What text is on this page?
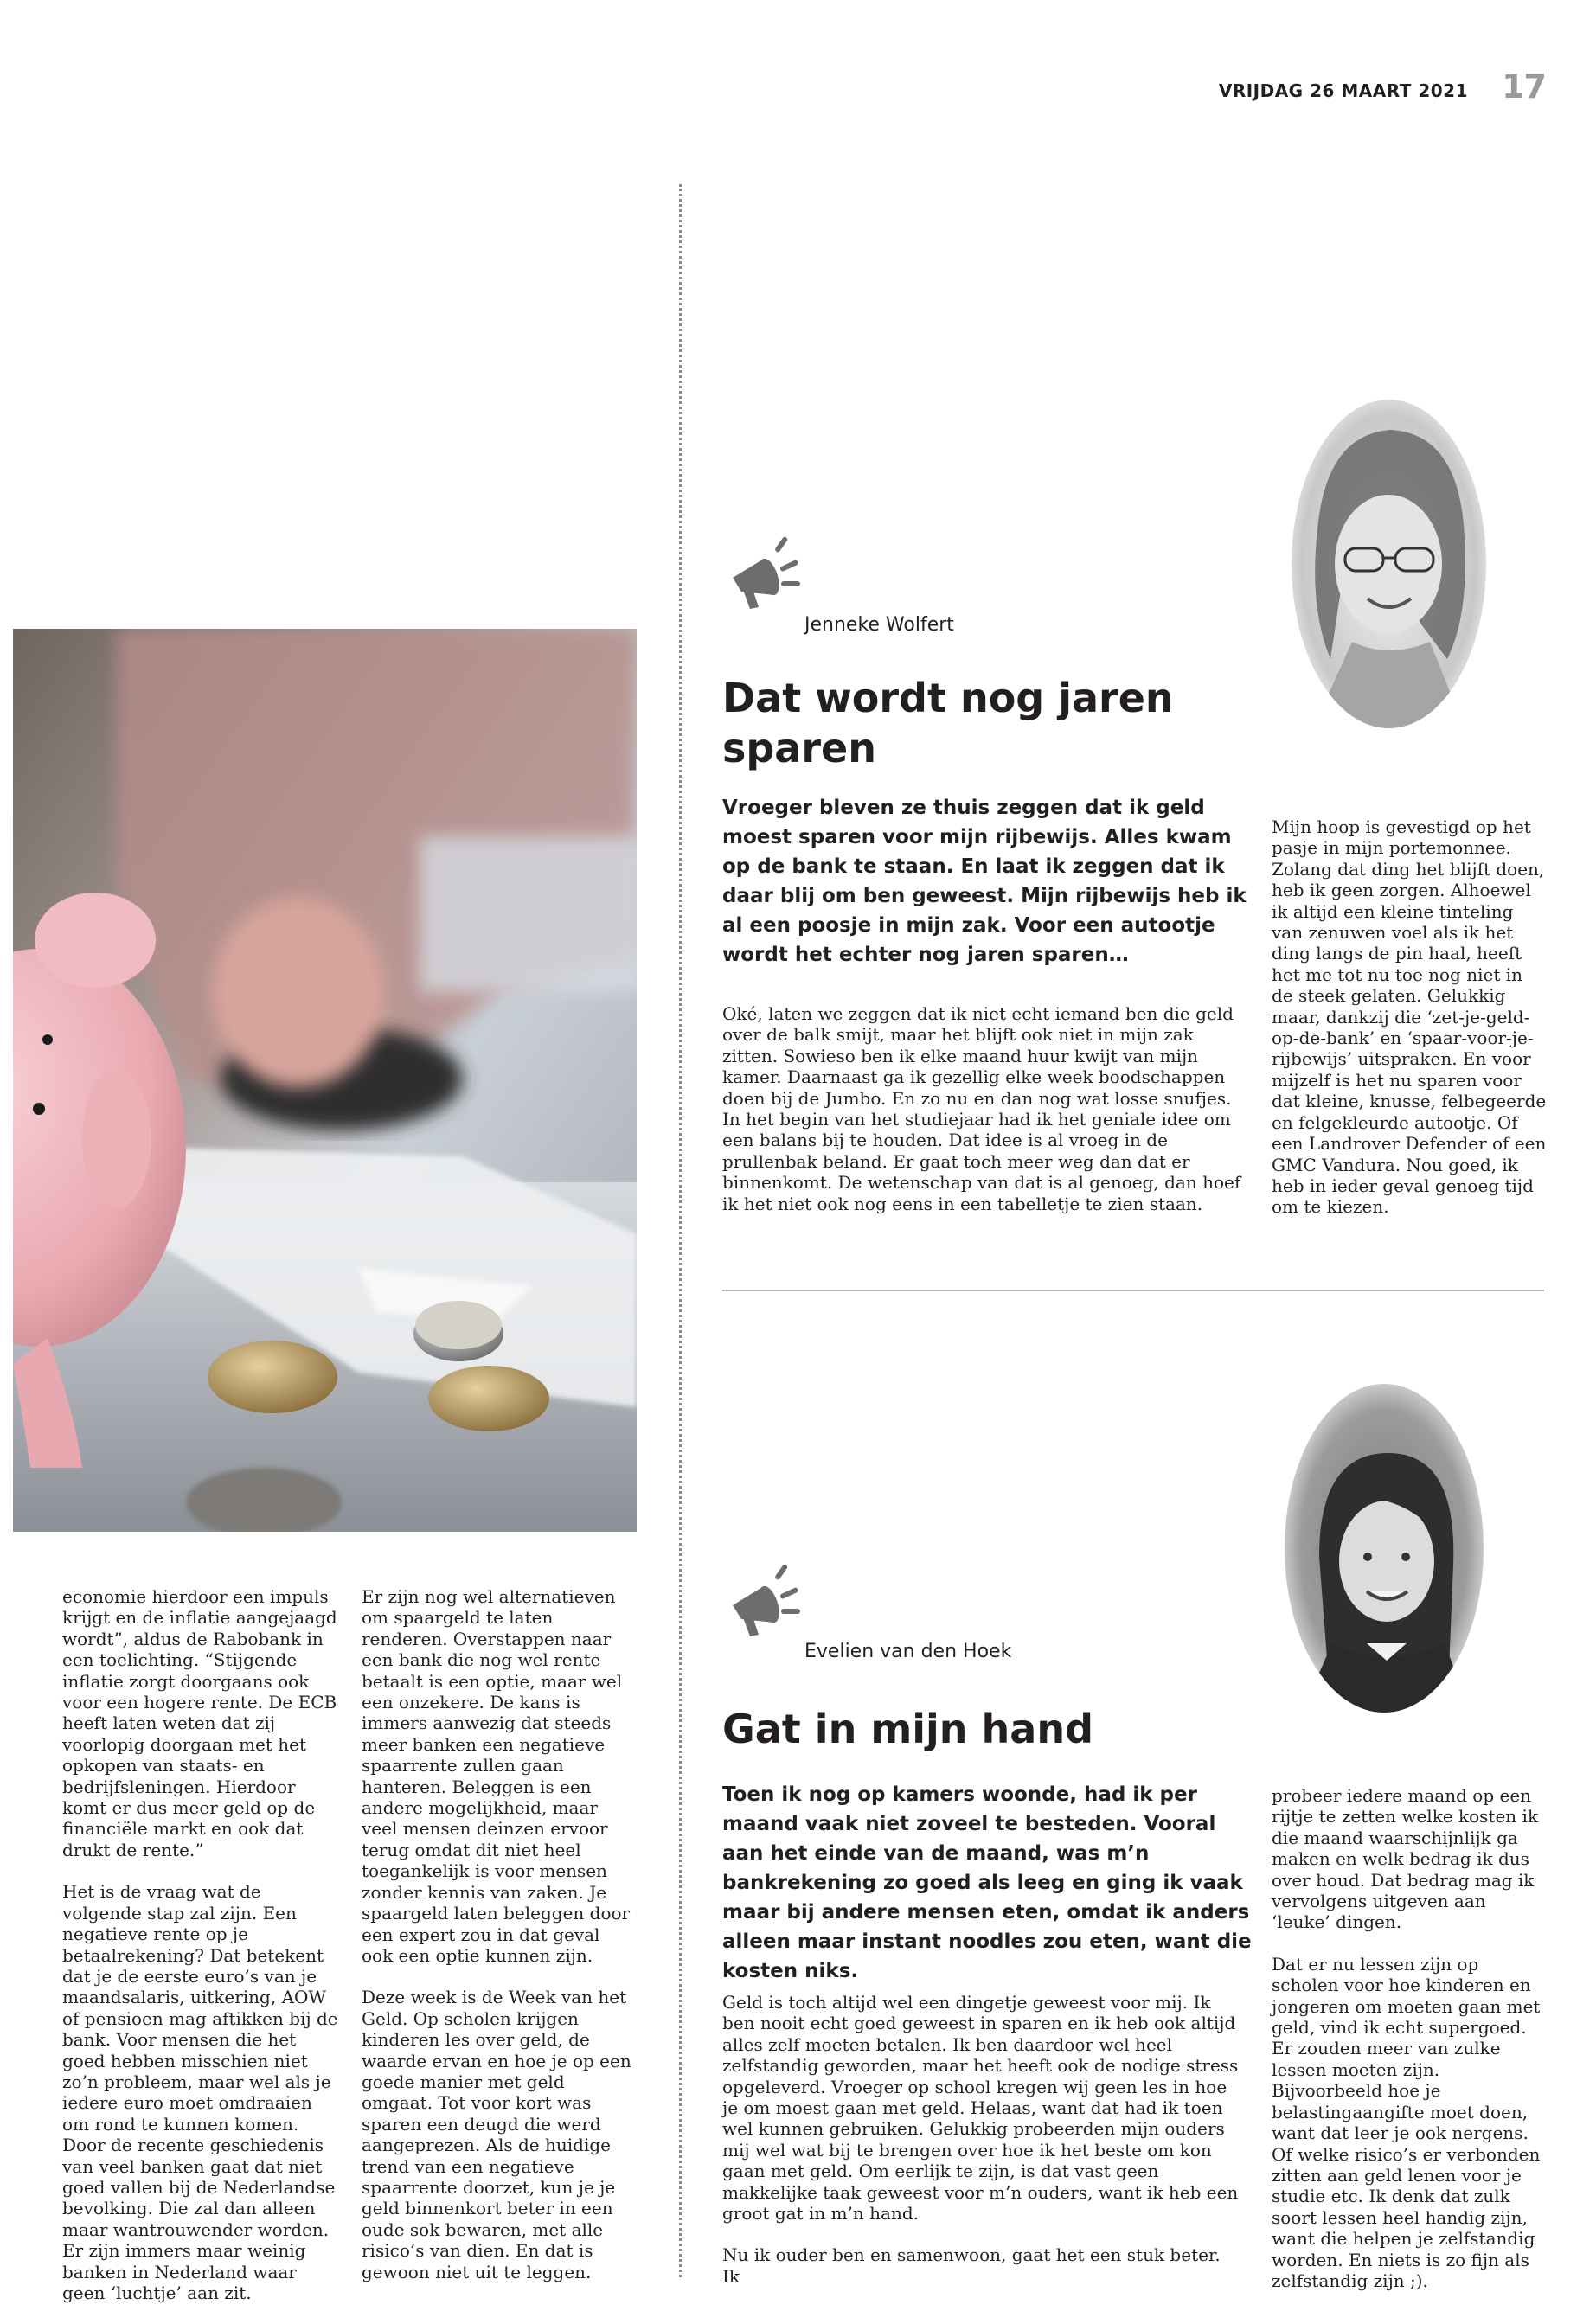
VRIJDAG 26 MAART 2021 17
Jenneke Wolfert
Dat wordt nog jaren sparen
Vroeger bleven ze thuis zeggen dat ik geld moest sparen voor mijn rijbewijs. Alles kwam op de bank te staan. En laat ik zeggen dat ik daar blij om ben geweest. Mijn rijbewijs heb ik al een poosje in mijn zak. Voor een autootje wordt het echter nog jaren sparen…

Oké, laten we zeggen dat ik niet echt iemand ben die geld over de balk smijt, maar het blijft ook niet in mijn zak zitten. Sowieso ben ik elke maand huur kwijt van mijn kamer. Daarnaast ga ik gezellig elke week boodschappen doen bij de Jumbo. En zo nu en dan nog wat losse snufjes. In het begin van het studiejaar had ik het geniale idee om een balans bij te houden. Dat idee is al vroeg in de prullenbak beland. Er gaat toch meer weg dan dat er binnenkomt. De wetenschap van dat is al genoeg, dan hoef ik het niet ook nog eens in een tabelletje te zien staan.

Mijn hoop is gevestigd op het pasje in mijn portemonnee. Zolang dat ding het blijft doen, heb ik geen zorgen. Alhoewel ik altijd een kleine tinteling van zenuwen voel als ik het ding langs de pin haal, heeft het me tot nu toe nog niet in de steek gelaten. Gelukkig maar, dankzij die ‘zet-je-geld-op-de-bank’ en ‘spaar-voor-je-rijbewijs’ uitspraken. En voor mijzelf is het nu sparen voor dat kleine, knusse, felbegeerde en felgekleurde autootje. Of een Landrover Defender of een GMC Vandura. Nou goed, ik heb in ieder geval genoeg tijd om te kiezen.

Evelien van den Hoek
Gat in mijn hand
Toen ik nog op kamers woonde, had ik per maand vaak niet zoveel te besteden. Vooral aan het einde van de maand, was m’n bankrekening zo goed als leeg en ging ik vaak maar bij andere mensen eten, omdat ik anders alleen maar instant noodles zou eten, want die kosten niks.

Geld is toch altijd wel een dingetje geweest voor mij. Ik ben nooit echt goed geweest in sparen en ik heb ook altijd alles zelf moeten betalen. Ik ben daardoor wel heel zelfstandig geworden, maar het heeft ook de nodige stress opgeleverd. Vroeger op school kregen wij geen les in hoe je om moest gaan met geld. Helaas, want dat had ik toen wel kunnen gebruiken. Gelukkig probeerden mijn ouders mij wel wat bij te brengen over hoe ik het beste om kon gaan met geld. Om eerlijk te zijn, is dat vast geen makkelijke taak geweest voor m’n ouders, want ik heb een groot gat in m’n hand.

Nu ik ouder ben en samenwoon, gaat het een stuk beter. Ik

probeer iedere maand op een rijtje te zetten welke kosten ik die maand waarschijnlijk ga maken en welk bedrag ik dus over houd. Dat bedrag mag ik vervolgens uitgeven aan ‘leuke’ dingen.

Dat er nu lessen zijn op scholen voor hoe kinderen en jongeren om moeten gaan met geld, vind ik echt supergoed. Er zouden meer van zulke lessen moeten zijn. Bijvoorbeeld hoe je belastingaangifte moet doen, want dat leer je ook nergens. Of welke risico’s er verbonden zitten aan geld lenen voor je studie etc. Ik denk dat zulk soort lessen heel handig zijn, want die helpen je zelfstandig worden. En niets is zo fijn als zelfstandig zijn ;).

economie hierdoor een impuls krijgt en de inflatie aangejaagd wordt”, aldus de Rabobank in een toelichting. “Stijgende inflatie zorgt doorgaans ook voor een hogere rente. De ECB heeft laten weten dat zij voorlopig doorgaan met het opkopen van staats- en bedrijfsleningen. Hierdoor komt er dus meer geld op de financiële markt en ook dat drukt de rente.”

Het is de vraag wat de volgende stap zal zijn. Een negatieve rente op je betaalrekening? Dat betekent dat je de eerste euro’s van je maandsalaris, uitkering, AOW of pensioen mag aftikken bij de bank. Voor mensen die het goed hebben misschien niet zo’n probleem, maar wel als je iedere euro moet omdraaien om rond te kunnen komen. Door de recente geschiedenis van veel banken gaat dat niet goed vallen bij de Nederlandse bevolking. Die zal dan alleen maar wantrouwender worden. Er zijn immers maar weinig banken in Nederland waar geen ‘luchtje’ aan zit.

Er zijn nog wel alternatieven om spaargeld te laten renderen. Overstappen naar een bank die nog wel rente betaalt is een optie, maar wel een onzekere. De kans is immers aanwezig dat steeds meer banken een negatieve spaarrente zullen gaan hanteren. Beleggen is een andere mogelijkheid, maar veel mensen deinzen ervoor terug omdat dit niet heel toegankelijk is voor mensen zonder kennis van zaken. Je spaargeld laten beleggen door een expert zou in dat geval ook een optie kunnen zijn.

Deze week is de Week van het Geld. Op scholen krijgen kinderen les over geld, de waarde ervan en hoe je op een goede manier met geld omgaat. Tot voor kort was sparen een deugd die werd aangeprezen. Als de huidige trend van een negatieve spaarrente doorzet, kun je je geld binnenkort beter in een oude sok bewaren, met alle risico’s van dien. En dat is gewoon niet uit te leggen.
